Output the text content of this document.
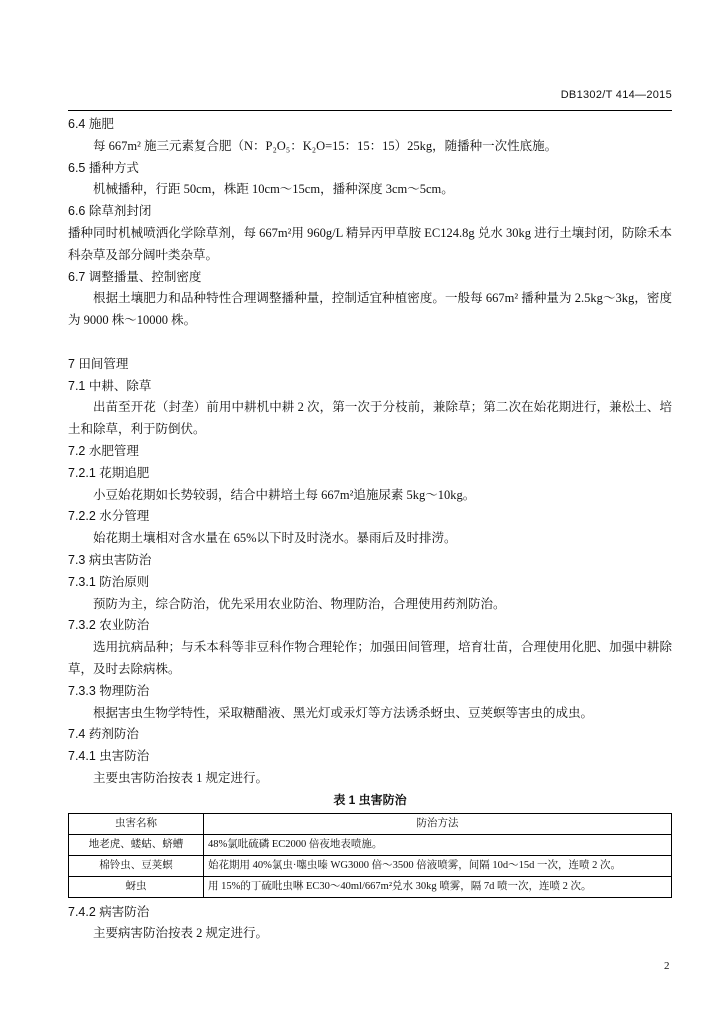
DB1302/T 414—2015
6.4 施肥
每 667m² 施三元素复合肥（N：P₂O₅：K₂O=15：15：15）25kg，随播种一次性底施。
6.5 播种方式
机械播种，行距 50cm，株距 10cm～15cm，播种深度 3cm～5cm。
6.6 除草剂封闭
播种同时机械喷洒化学除草剂，每 667m²用 960g/L 精异丙甲草胺 EC124.8g 兑水 30kg 进行土壤封闭，防除禾本科杂草及部分阔叶类杂草。
6.7 调整播量、控制密度
根据土壤肥力和品种特性合理调整播种量，控制适宜种植密度。一般每 667m² 播种量为 2.5kg～3kg，密度为 9000 株～10000 株。
7 田间管理
7.1 中耕、除草
出苗至开花（封垄）前用中耕机中耕 2 次，第一次于分枝前，兼除草；第二次在始花期进行，兼松土、培土和除草，利于防倒伏。
7.2 水肥管理
7.2.1 花期追肥
小豆始花期如长势较弱，结合中耕培土每 667m²追施尿素 5kg～10kg。
7.2.2 水分管理
始花期土壤相对含水量在 65%以下时及时浇水。暴雨后及时排涝。
7.3 病虫害防治
7.3.1 防治原则
预防为主，综合防治，优先采用农业防治、物理防治，合理使用药剂防治。
7.3.2 农业防治
选用抗病品种；与禾本科等非豆科作物合理轮作；加强田间管理，培育壮苗，合理使用化肥、加强中耕除草，及时去除病株。
7.3.3 物理防治
根据害虫生物学特性，采取糖醋液、黑光灯或汞灯等方法诱杀蚜虫、豆荚螟等害虫的成虫。
7.4 药剂防治
7.4.1 虫害防治
主要虫害防治按表 1 规定进行。
表 1 虫害防治
虫害名称	防治方法
地老虎、蝼蛄、蛴螬	48%氯吡硫磷 EC2000 倍夜地表喷施。
棉铃虫、豆荚螟	始花期用 40%氯虫·噻虫嗪 WG3000 倍～3500 倍液喷雾，间隔 10d～15d 一次，连喷 2 次。
蚜虫	用 15%的丁硫吡虫啉 EC30～40ml/667m²兑水 30kg 喷雾，隔 7d 喷一次，连喷 2 次。
7.4.2 病害防治
主要病害防治按表 2 规定进行。
2
